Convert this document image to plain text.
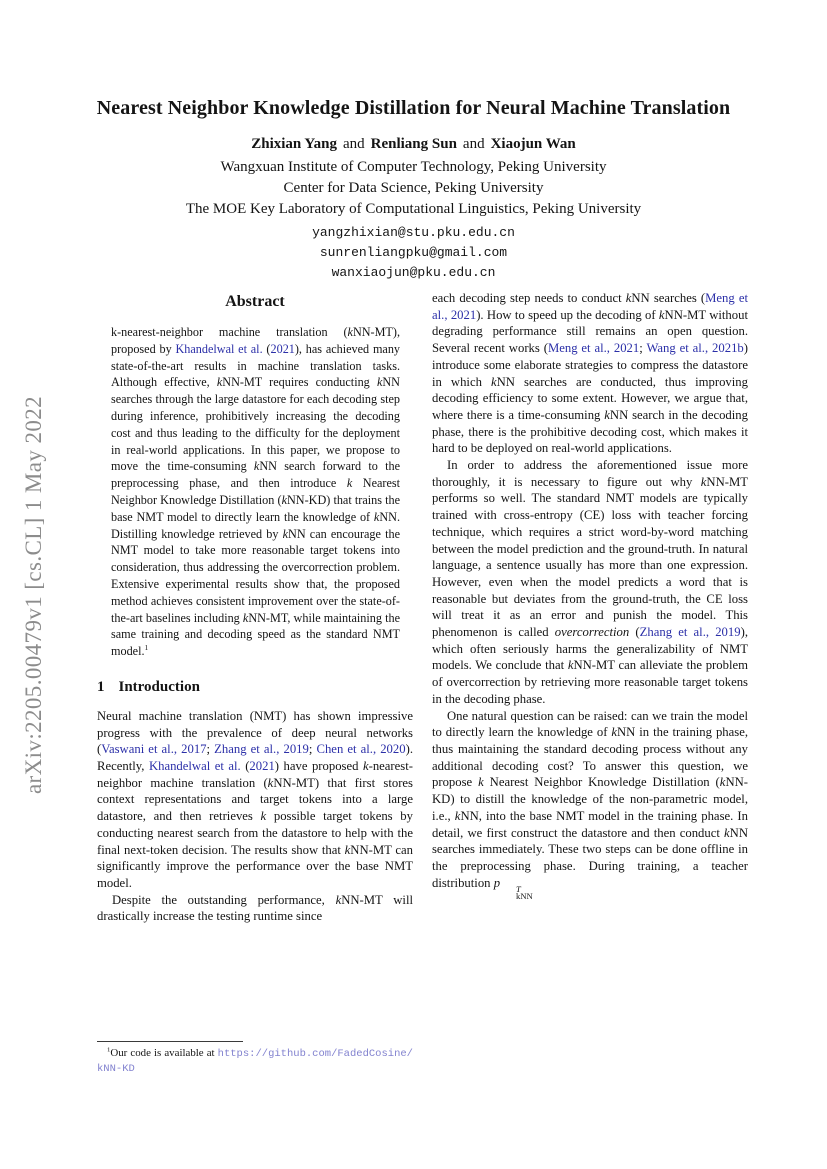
arXiv:2205.00479v1 [cs.CL] 1 May 2022
Nearest Neighbor Knowledge Distillation for Neural Machine Translation
Zhixian Yang and Renliang Sun and Xiaojun Wan
Wangxuan Institute of Computer Technology, Peking University
Center for Data Science, Peking University
The MOE Key Laboratory of Computational Linguistics, Peking University
yangzhixian@stu.pku.edu.cn
sunrenliangpku@gmail.com
wanxiaojun@pku.edu.cn
Abstract
k-nearest-neighbor machine translation (kNN-MT), proposed by Khandelwal et al. (2021), has achieved many state-of-the-art results in machine translation tasks. Although effective, kNN-MT requires conducting kNN searches through the large datastore for each decoding step during inference, prohibitively increasing the decoding cost and thus leading to the difficulty for the deployment in real-world applications. In this paper, we propose to move the time-consuming kNN search forward to the preprocessing phase, and then introduce k Nearest Neighbor Knowledge Distillation (kNN-KD) that trains the base NMT model to directly learn the knowledge of kNN. Distilling knowledge retrieved by kNN can encourage the NMT model to take more reasonable target tokens into consideration, thus addressing the overcorrection problem. Extensive experimental results show that, the proposed method achieves consistent improvement over the state-of-the-art baselines including kNN-MT, while maintaining the same training and decoding speed as the standard NMT model.$^1$
1 Introduction
Neural machine translation (NMT) has shown impressive progress with the prevalence of deep neural networks (Vaswani et al., 2017; Zhang et al., 2019; Chen et al., 2020). Recently, Khandelwal et al. (2021) have proposed k-nearest-neighbor machine translation (kNN-MT) that first stores context representations and target tokens into a large datastore, and then retrieves k possible target tokens by conducting nearest search from the datastore to help with the final next-token decision. The results show that kNN-MT can significantly improve the performance over the base NMT model.
Despite the outstanding performance, kNN-MT will drastically increase the testing runtime since
each decoding step needs to conduct kNN searches (Meng et al., 2021). How to speed up the decoding of kNN-MT without degrading performance still remains an open question. Several recent works (Meng et al., 2021; Wang et al., 2021b) introduce some elaborate strategies to compress the datastore in which kNN searches are conducted, thus improving decoding efficiency to some extent. However, we argue that, where there is a time-consuming kNN search in the decoding phase, there is the prohibitive decoding cost, which makes it hard to be deployed on real-world applications.
In order to address the aforementioned issue more thoroughly, it is necessary to figure out why kNN-MT performs so well. The standard NMT models are typically trained with cross-entropy (CE) loss with teacher forcing technique, which requires a strict word-by-word matching between the model prediction and the ground-truth. In natural language, a sentence usually has more than one expression. However, even when the model predicts a word that is reasonable but deviates from the ground-truth, the CE loss will treat it as an error and punish the model. This phenomenon is called overcorrection (Zhang et al., 2019), which often seriously harms the generalizability of NMT models. We conclude that kNN-MT can alleviate the problem of overcorrection by retrieving more reasonable target tokens in the decoding phase.
One natural question can be raised: can we train the model to directly learn the knowledge of kNN in the training phase, thus maintaining the standard decoding process without any additional decoding cost? To answer this question, we propose k Nearest Neighbor Knowledge Distillation (kNN-KD) to distill the knowledge of the non-parametric model, i.e., kNN, into the base NMT model in the training phase. In detail, we first construct the datastore and then conduct kNN searches immediately. These two steps can be done offline in the preprocessing phase. During training, a teacher distribution p	T
kNN
$^1$Our code is available at https://github.com/FadedCosine/kNN-KD
